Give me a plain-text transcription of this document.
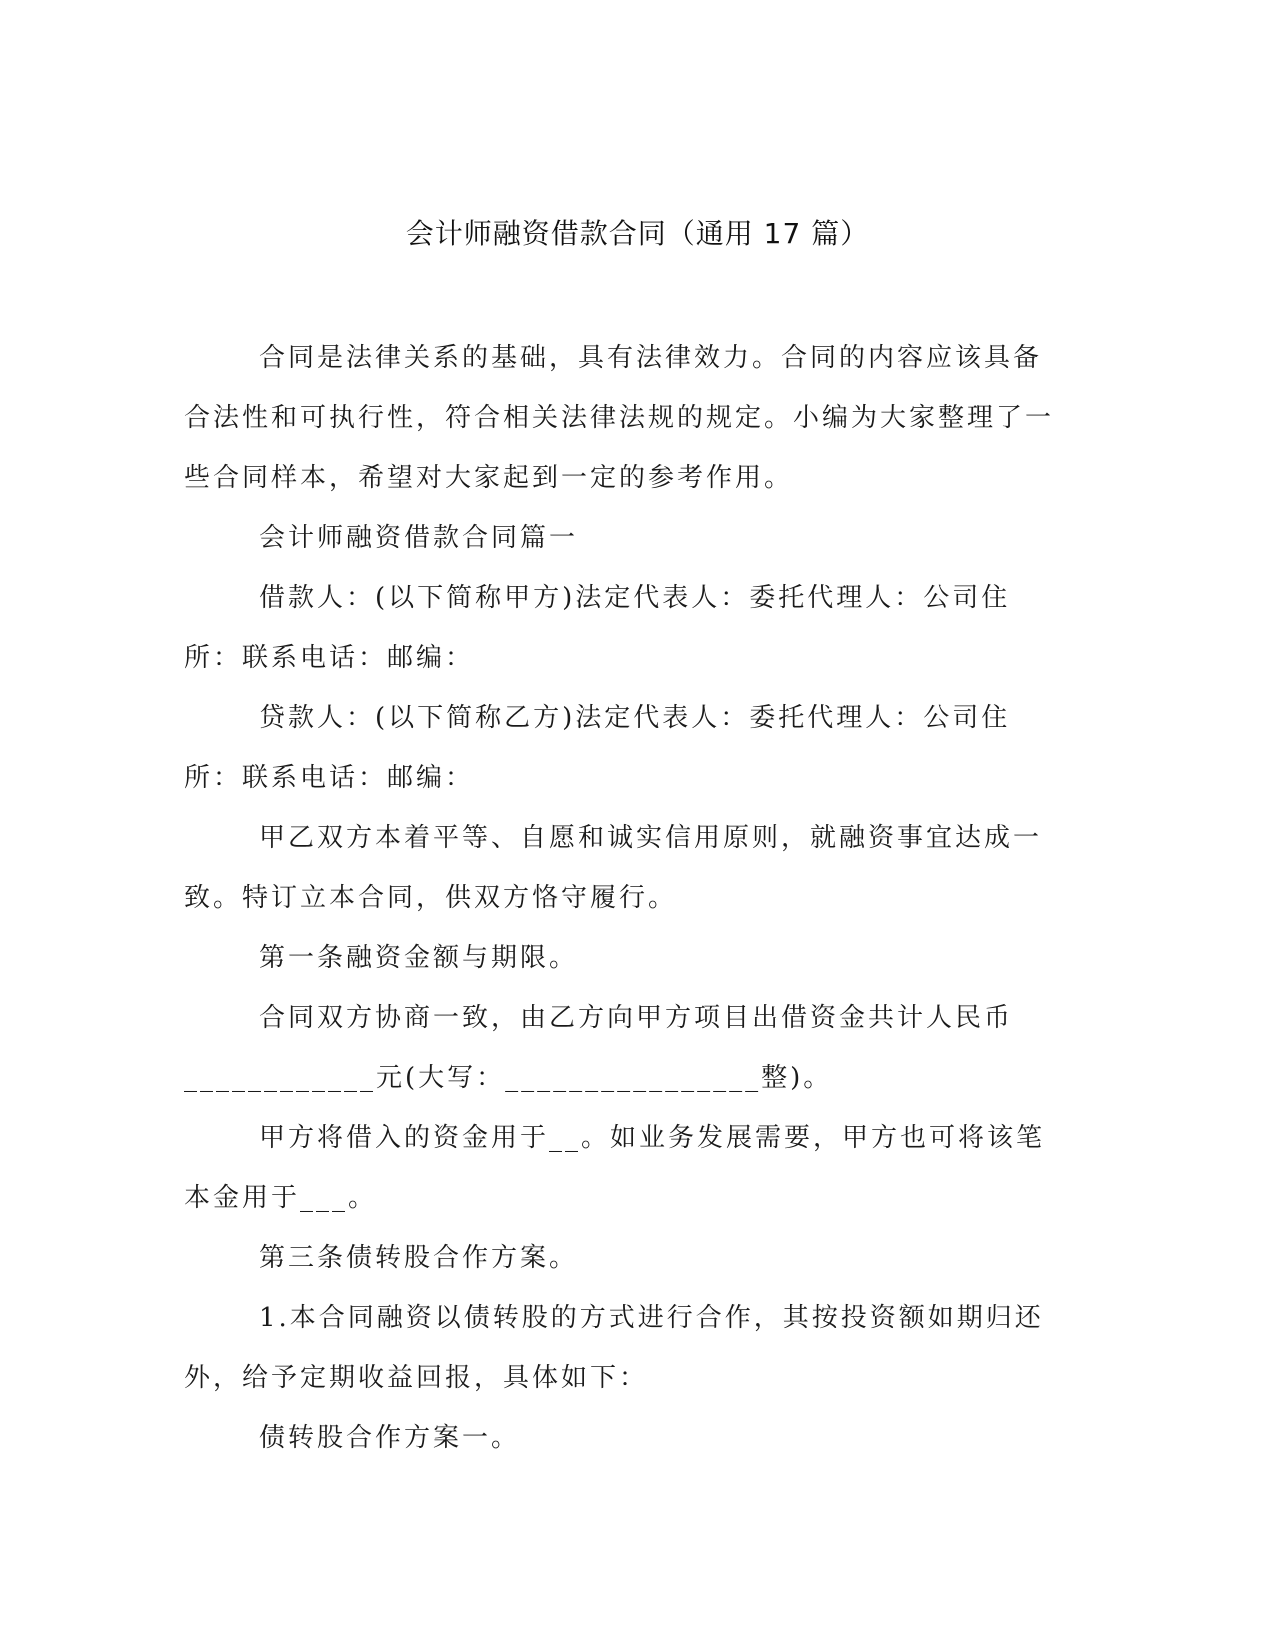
会计师融资借款合同（通用 17 篇）

合同是法律关系的基础，具有法律效力。合同的内容应该具备合法性和可执行性，符合相关法律法规的规定。小编为大家整理了一些合同样本，希望对大家起到一定的参考作用。

会计师融资借款合同篇一

借款人：(以下简称甲方)法定代表人：委托代理人：公司住所：联系电话：邮编：

贷款人：(以下简称乙方)法定代表人：委托代理人：公司住所：联系电话：邮编：

甲乙双方本着平等、自愿和诚实信用原则，就融资事宜达成一致。特订立本合同，供双方恪守履行。

第一条融资金额与期限。

合同双方协商一致，由乙方向甲方项目出借资金共计人民币____________元(大写：________________整)。

甲方将借入的资金用于__。如业务发展需要，甲方也可将该笔本金用于___。

第三条债转股合作方案。

1.本合同融资以债转股的方式进行合作，其按投资额如期归还外，给予定期收益回报，具体如下：

债转股合作方案一。
